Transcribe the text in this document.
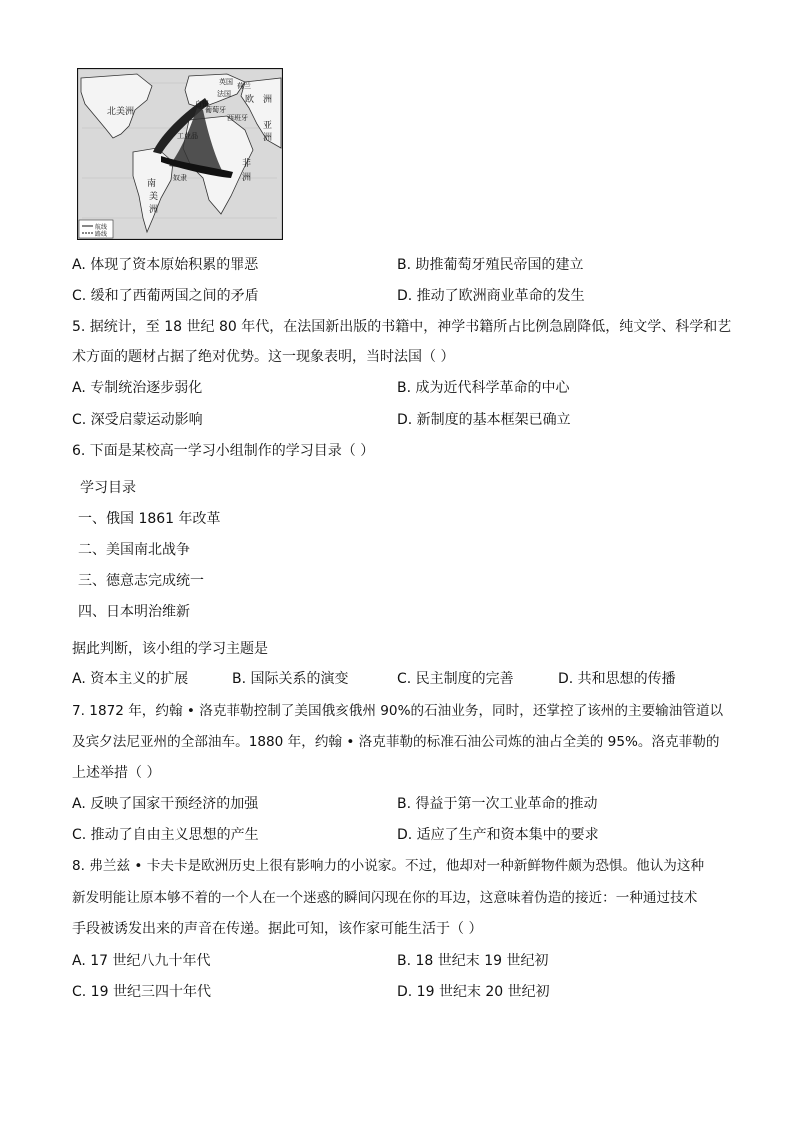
航线
路线
北美洲
南
美
洲
非
洲
亚
洲
欧 洲
英国 荷兰
法国
西班牙
葡萄牙
白银
奴隶
工业品
A. 体现了资本原始积累的罪恶	B. 助推葡萄牙殖民帝国的建立
C. 缓和了西葡两国之间的矛盾	D. 推动了欧洲商业革命的发生
5. 据统计，至 18 世纪 80 年代，在法国新出版的书籍中，神学书籍所占比例急剧降低，纯文学、科学和艺
术方面的题材占据了绝对优势。这一现象表明，当时法国（ ）
A. 专制统治逐步弱化	B. 成为近代科学革命的中心
C. 深受启蒙运动影响	D. 新制度的基本框架已确立
6. 下面是某校高一学习小组制作的学习目录（ ）
学习目录
一、俄国 1861 年改革
二、美国南北战争
三、德意志完成统一
四、日本明治维新
据此判断，该小组的学习主题是
A. 资本主义的扩展	B. 国际关系的演变	C. 民主制度的完善	D. 共和思想的传播
7. 1872 年，约翰 • 洛克菲勒控制了美国俄亥俄州 90%的石油业务，同时，还掌控了该州的主要输油管道以
及宾夕法尼亚州的全部油车。1880 年，约翰 • 洛克菲勒的标准石油公司炼的油占全美的 95%。洛克菲勒的
上述举措（ ）
A. 反映了国家干预经济的加强	B. 得益于第一次工业革命的推动
C. 推动了自由主义思想的产生	D. 适应了生产和资本集中的要求
8. 弗兰兹 • 卡夫卡是欧洲历史上很有影响力的小说家。不过，他却对一种新鲜物件颇为恐惧。他认为这种
新发明能让原本够不着的一个人在一个迷惑的瞬间闪现在你的耳边，这意味着伪造的接近：一种通过技术
手段被诱发出来的声音在传递。据此可知，该作家可能生活于（ ）
A. 17 世纪八九十年代	B. 18 世纪末 19 世纪初
C. 19 世纪三四十年代	D. 19 世纪末 20 世纪初
